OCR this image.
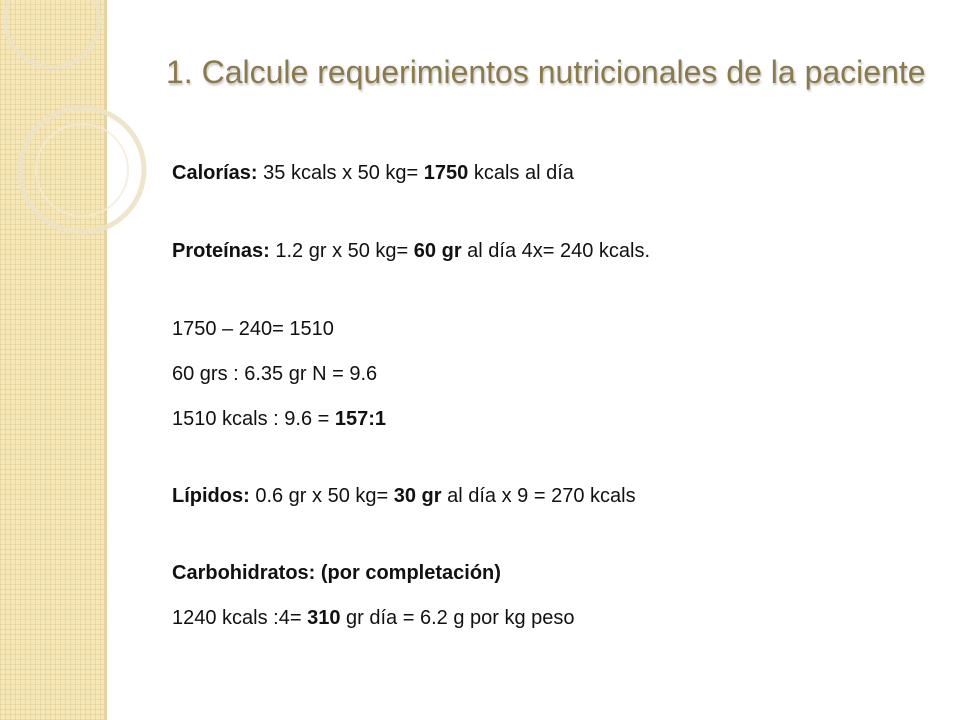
1. Calcule requerimientos nutricionales de la paciente
Calorías: 35 kcals x 50 kg= 1750 kcals al día
Proteínas: 1.2 gr x 50 kg= 60 gr al día 4x= 240 kcals.
1750 – 240= 1510
60 grs : 6.35 gr N = 9.6
1510 kcals : 9.6 = 157:1
Lípidos: 0.6 gr x 50 kg= 30 gr al día x 9 = 270 kcals
Carbohidratos: (por completación)
1240 kcals :4= 310 gr día = 6.2 g por kg peso
